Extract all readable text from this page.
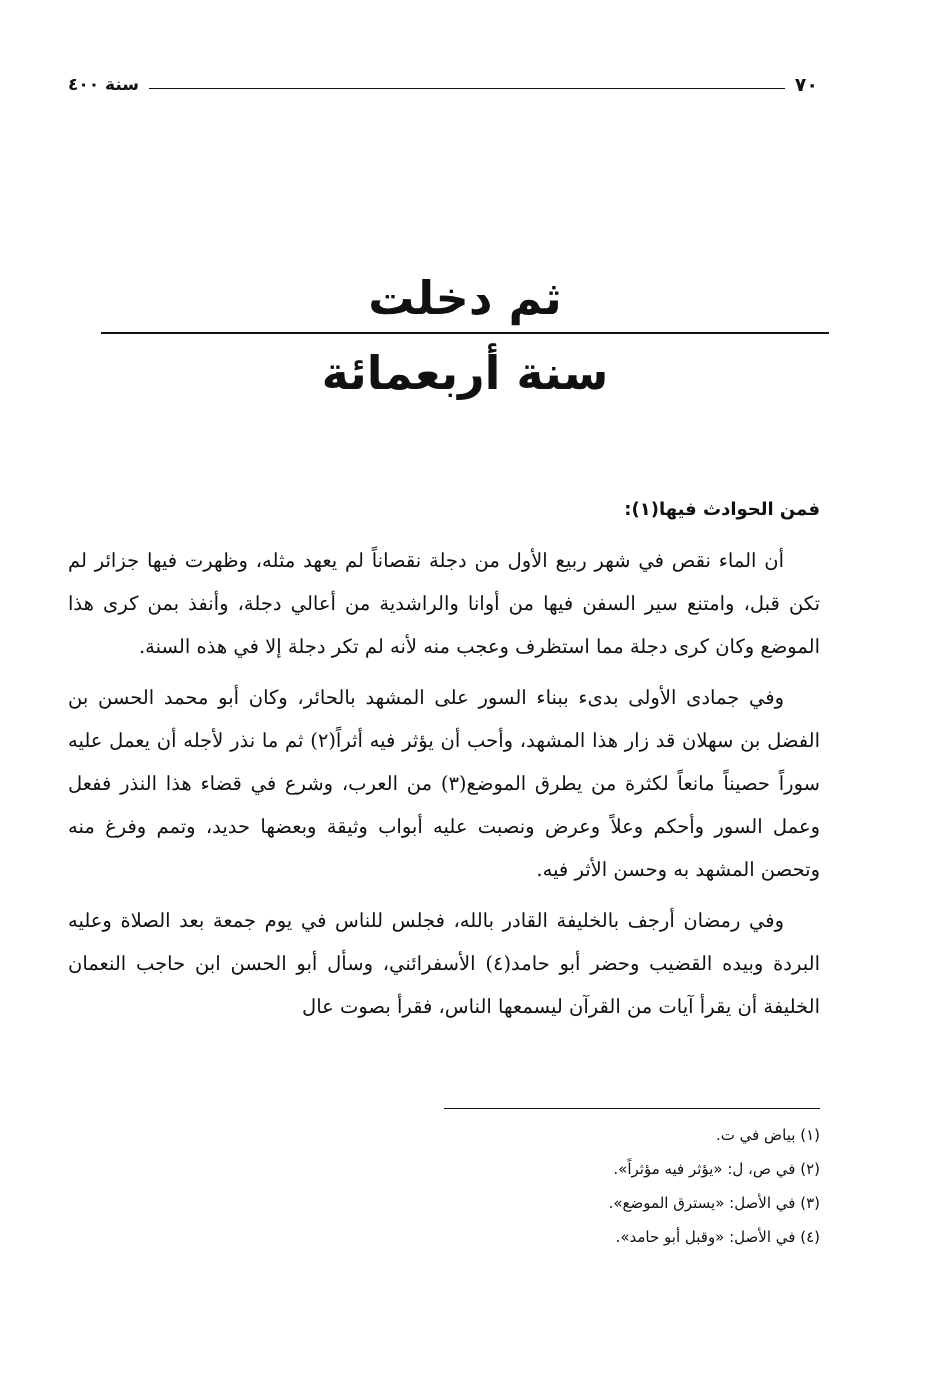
٧٠
سنة ٤٠٠
ثم دخلت
سنة أربعمائة

فمن الحوادث فيها(١):

أن الماء نقص في شهر ربيع الأول من دجلة نقصاناً لم يعهد مثله، وظهرت فيها جزائر لم تكن قبل، وامتنع سير السفن فيها من أوانا والراشدية من أعالي دجلة، وأنفذ بمن كرى هذا الموضع وكان كرى دجلة مما استظرف وعجب منه لأنه لم تكر دجلة إلا في هذه السنة.

وفي جمادى الأولى بدىء ببناء السور على المشهد بالحائر، وكان أبو محمد الحسن بن الفضل بن سهلان قد زار هذا المشهد، وأحب أن يؤثر فيه أثراً(٢) ثم ما نذر لأجله أن يعمل عليه سوراً حصيناً مانعاً لكثرة من يطرق الموضع(٣) من العرب، وشرع في قضاء هذا النذر ففعل وعمل السور وأحكم وعلاً وعرض ونصبت عليه أبواب وثيقة وبعضها حديد، وتمم وفرغ منه وتحصن المشهد به وحسن الأثر فيه.

وفي رمضان أرجف بالخليفة القادر بالله، فجلس للناس في يوم جمعة بعد الصلاة وعليه البردة وبيده القضيب وحضر أبو حامد(٤) الأسفرائني، وسأل أبو الحسن ابن حاجب النعمان الخليفة أن يقرأ آيات من القرآن ليسمعها الناس، فقرأ بصوت عال

(١) بياض في ت.
(٢) في ص، ل: «يؤثر فيه مؤثراً».
(٣) في الأصل: «يسترق الموضع».
(٤) في الأصل: «وقبل أبو حامد».
